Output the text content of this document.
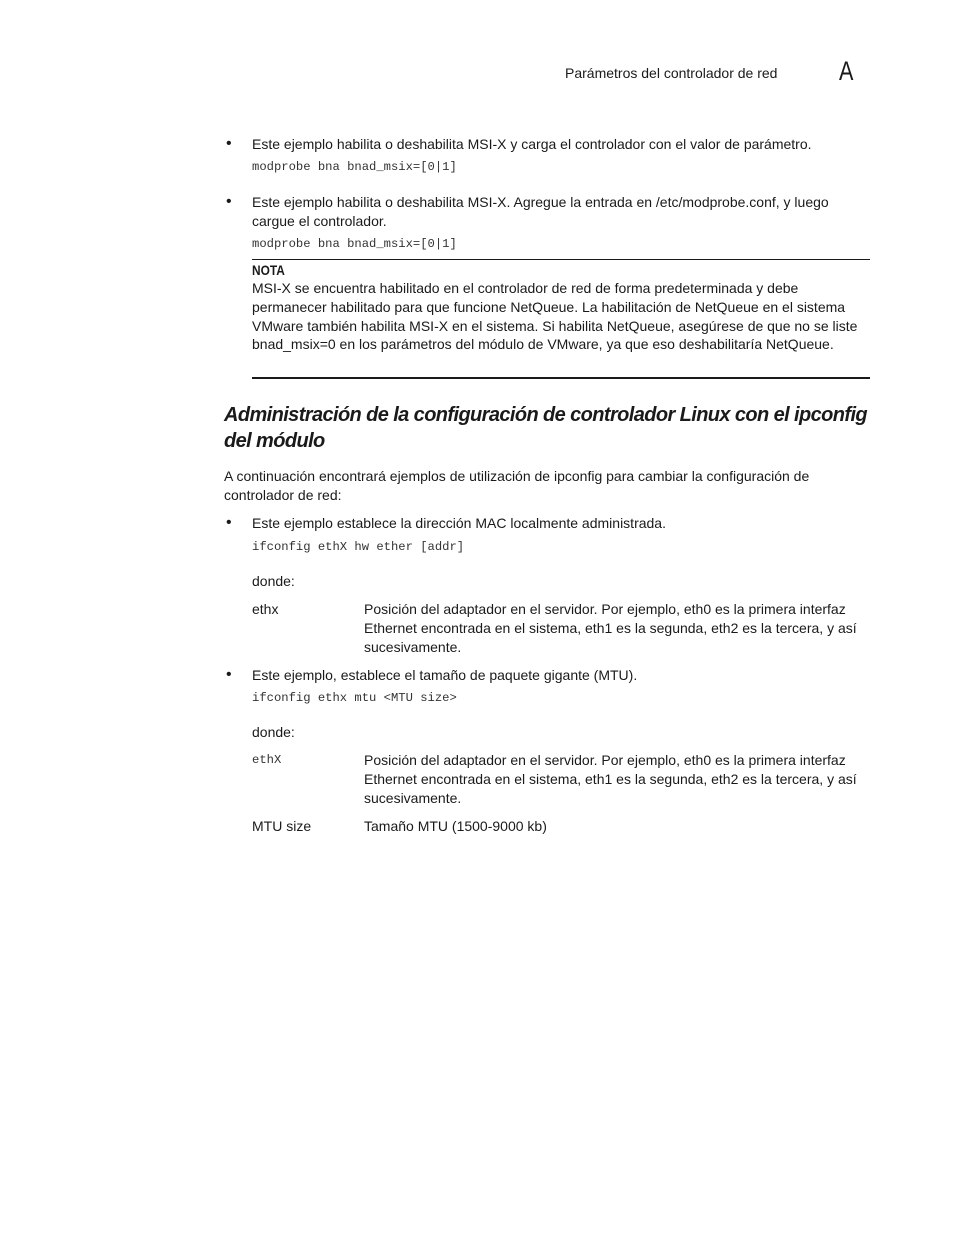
Parámetros del controlador de red A
• Este ejemplo habilita o deshabilita MSI-X y carga el controlador con el valor de parámetro.
modprobe bna bnad_msix=[0|1]
• Este ejemplo habilita o deshabilita MSI-X. Agregue la entrada en /etc/modprobe.conf, y luego cargue el controlador.
modprobe bna bnad_msix=[0|1]
NOTA
MSI-X se encuentra habilitado en el controlador de red de forma predeterminada y debe permanecer habilitado para que funcione NetQueue. La habilitación de NetQueue en el sistema VMware también habilita MSI-X en el sistema. Si habilita NetQueue, asegúrese de que no se liste bnad_msix=0 en los parámetros del módulo de VMware, ya que eso deshabilitaría NetQueue.
Administración de la configuración de controlador Linux con el ipconfig del módulo
A continuación encontrará ejemplos de utilización de ipconfig para cambiar la configuración de controlador de red:
• Este ejemplo establece la dirección MAC localmente administrada.
ifconfig ethX hw ether [addr]
donde:
ethx	Posición del adaptador en el servidor. Por ejemplo, eth0 es la primera interfaz Ethernet encontrada en el sistema, eth1 es la segunda, eth2 es la tercera, y así sucesivamente.
• Este ejemplo, establece el tamaño de paquete gigante (MTU).
ifconfig ethx mtu <MTU size>
donde:
ethX	Posición del adaptador en el servidor. Por ejemplo, eth0 es la primera interfaz Ethernet encontrada en el sistema, eth1 es la segunda, eth2 es la tercera, y así sucesivamente.
MTU size	Tamaño MTU (1500-9000 kb)
